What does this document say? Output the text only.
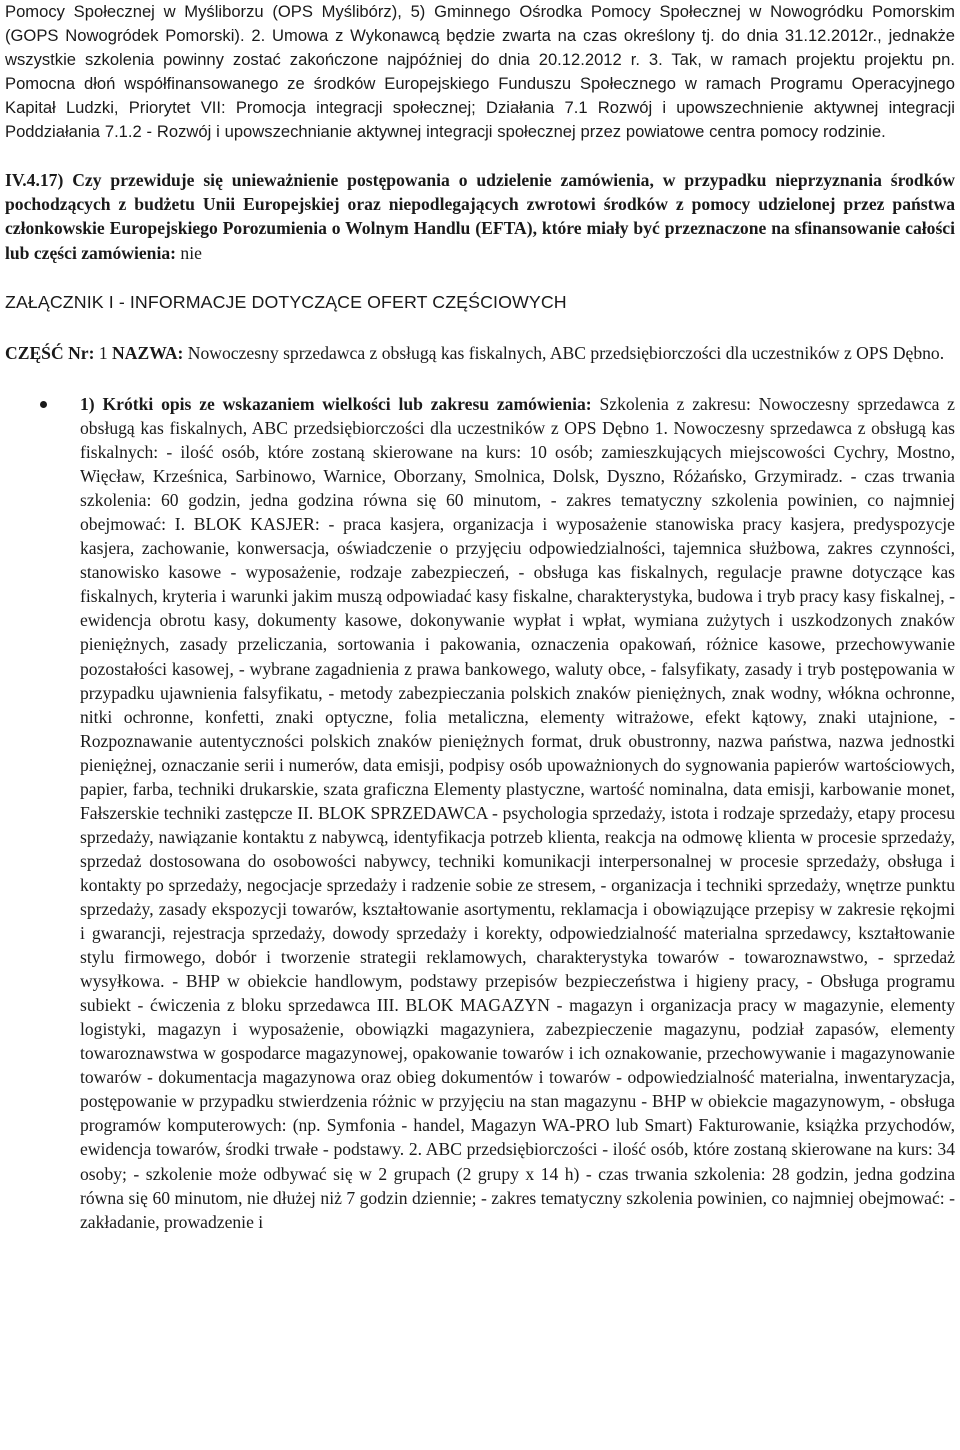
Pomocy Społecznej w Myśliborzu (OPS Myślibórz), 5) Gminnego Ośrodka Pomocy Społecznej w Nowogródku Pomorskim (GOPS Nowogródek Pomorski). 2. Umowa z Wykonawcą będzie zwarta na czas określony tj. do dnia 31.12.2012r., jednakże wszystkie szkolenia powinny zostać zakończone najpóźniej do dnia 20.12.2012 r. 3. Tak, w ramach projektu projektu pn. Pomocna dłoń współfinansowanego ze środków Europejskiego Funduszu Społecznego w ramach Programu Operacyjnego Kapitał Ludzki, Priorytet VII: Promocja integracji społecznej; Działania 7.1 Rozwój i upowszechnienie aktywnej integracji Poddziałania 7.1.2 - Rozwój i upowszechnianie aktywnej integracji społecznej przez powiatowe centra pomocy rodzinie.

IV.4.17) Czy przewiduje się unieważnienie postępowania o udzielenie zamówienia, w przypadku nieprzyznania środków pochodzących z budżetu Unii Europejskiej oraz niepodlegających zwrotowi środków z pomocy udzielonej przez państwa członkowskie Europejskiego Porozumienia o Wolnym Handlu (EFTA), które miały być przeznaczone na sfinansowanie całości lub części zamówienia: nie
ZAŁĄCZNIK I - INFORMACJE DOTYCZĄCE OFERT CZĘŚCIOWYCH
CZĘŚĆ Nr: 1 NAZWA: Nowoczesny sprzedawca z obsługą kas fiskalnych, ABC przedsiębiorczości dla uczestników z OPS Dębno.
1) Krótki opis ze wskazaniem wielkości lub zakresu zamówienia: Szkolenia z zakresu: Nowoczesny sprzedawca z obsługą kas fiskalnych, ABC przedsiębiorczości dla uczestników z OPS Dębno 1. Nowoczesny sprzedawca z obsługą kas fiskalnych: - ilość osób, które zostaną skierowane na kurs: 10 osób; zamieszkujących miejscowości Cychry, Mostno, Więcław, Krześnica, Sarbinowo, Warnice, Oborzany, Smolnica, Dolsk, Dyszno, Różańsko, Grzymiradz. - czas trwania szkolenia: 60 godzin, jedna godzina równa się 60 minutom, - zakres tematyczny szkolenia powinien, co najmniej obejmować: I. BLOK KASJER: - praca kasjera, organizacja i wyposażenie stanowiska pracy kasjera, predyspozycje kasjera, zachowanie, konwersacja, oświadczenie o przyjęciu odpowiedzialności, tajemnica służbowa, zakres czynności, stanowisko kasowe - wyposażenie, rodzaje zabezpieczeń, - obsługa kas fiskalnych, regulacje prawne dotyczące kas fiskalnych, kryteria i warunki jakim muszą odpowiadać kasy fiskalne, charakterystyka, budowa i tryb pracy kasy fiskalnej, - ewidencja obrotu kasy, dokumenty kasowe, dokonywanie wypłat i wpłat, wymiana zużytych i uszkodzonych znaków pieniężnych, zasady przeliczania, sortowania i pakowania, oznaczenia opakowań, różnice kasowe, przechowywanie pozostałości kasowej, - wybrane zagadnienia z prawa bankowego, waluty obce, - falsyfikaty, zasady i tryb postępowania w przypadku ujawnienia falsyfikatu, - metody zabezpieczania polskich znaków pieniężnych, znak wodny, włókna ochronne, nitki ochronne, konfetti, znaki optyczne, folia metaliczna, elementy witrażowe, efekt kątowy, znaki utajnione, - Rozpoznawanie autentyczności polskich znaków pieniężnych format, druk obustronny, nazwa państwa, nazwa jednostki pieniężnej, oznaczanie serii i numerów, data emisji, podpisy osób upoważnionych do sygnowania papierów wartościowych, papier, farba, techniki drukarskie, szata graficzna Elementy plastyczne, wartość nominalna, data emisji, karbowanie monet, Fałszerskie techniki zastępcze II. BLOK SPRZEDAWCA - psychologia sprzedaży, istota i rodzaje sprzedaży, etapy procesu sprzedaży, nawiązanie kontaktu z nabywcą, identyfikacja potrzeb klienta, reakcja na odmowę klienta w procesie sprzedaży, sprzedaż dostosowana do osobowości nabywcy, techniki komunikacji interpersonalnej w procesie sprzedaży, obsługa i kontakty po sprzedaży, negocjacje sprzedaży i radzenie sobie ze stresem, - organizacja i techniki sprzedaży, wnętrze punktu sprzedaży, zasady ekspozycji towarów, kształtowanie asortymentu, reklamacja i obowiązujące przepisy w zakresie rękojmi i gwarancji, rejestracja sprzedaży, dowody sprzedaży i korekty, odpowiedzialność materialna sprzedawcy, kształtowanie stylu firmowego, dobór i tworzenie strategii reklamowych, charakterystyka towarów - towaroznawstwo, - sprzedaż wysyłkowa. - BHP w obiekcie handlowym, podstawy przepisów bezpieczeństwa i higieny pracy, - Obsługa programu subiekt - ćwiczenia z bloku sprzedawca III. BLOK MAGAZYN - magazyn i organizacja pracy w magazynie, elementy logistyki, magazyn i wyposażenie, obowiązki magazyniera, zabezpieczenie magazynu, podział zapasów, elementy towaroznawstwa w gospodarce magazynowej, opakowanie towarów i ich oznakowanie, przechowywanie i magazynowanie towarów - dokumentacja magazynowa oraz obieg dokumentów i towarów - odpowiedzialność materialna, inwentaryzacja, postępowanie w przypadku stwierdzenia różnic w przyjęciu na stan magazynu - BHP w obiekcie magazynowym, - obsługa programów komputerowych: (np. Symfonia - handel, Magazyn WA-PRO lub Smart) Fakturowanie, książka przychodów, ewidencja towarów, środki trwałe - podstawy. 2. ABC przedsiębiorczości - ilość osób, które zostaną skierowane na kurs: 34 osoby; - szkolenie może odbywać się w 2 grupach (2 grupy x 14 h) - czas trwania szkolenia: 28 godzin, jedna godzina równa się 60 minutom, nie dłużej niż 7 godzin dziennie; - zakres tematyczny szkolenia powinien, co najmniej obejmować: - zakładanie, prowadzenie i
